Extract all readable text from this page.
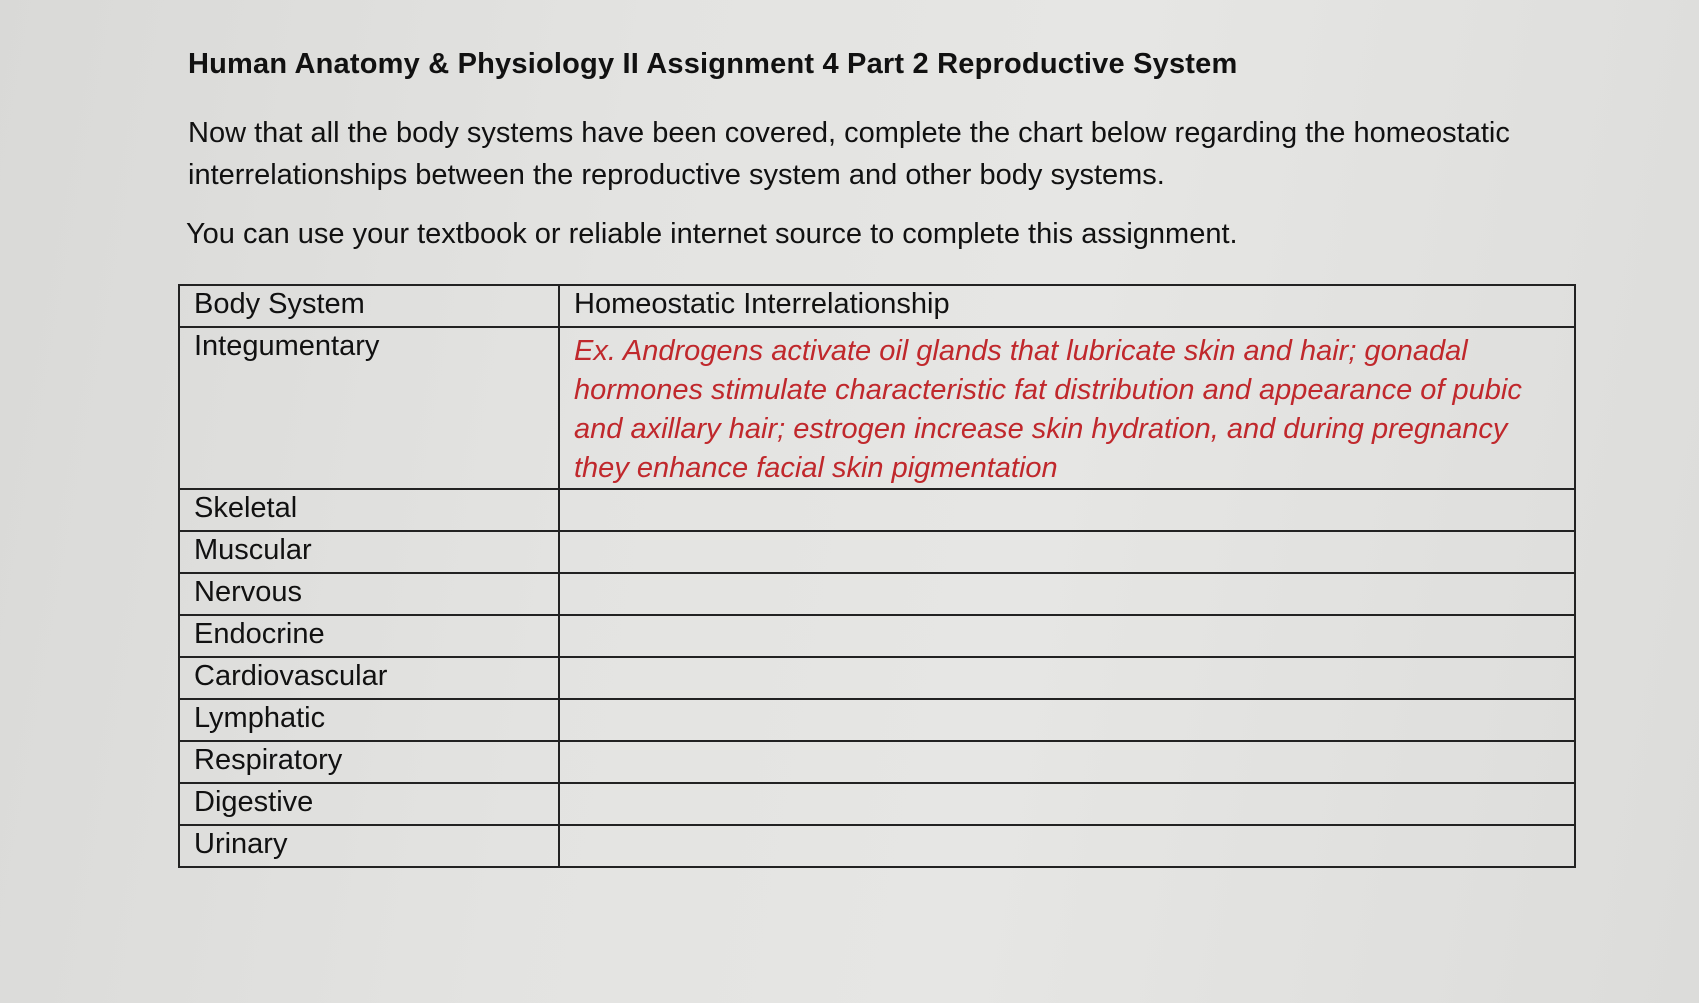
Human Anatomy & Physiology II Assignment 4 Part 2 Reproductive System

Now that all the body systems have been covered, complete the chart below regarding the homeostatic interrelationships between the reproductive system and other body systems.

You can use your textbook or reliable internet source to complete this assignment.

Body System	Homeostatic Interrelationship
Integumentary	Ex. Androgens activate oil glands that lubricate skin and hair; gonadal hormones stimulate characteristic fat distribution and appearance of pubic and axillary hair; estrogen increase skin hydration, and during pregnancy they enhance facial skin pigmentation
Skeletal	
Muscular	
Nervous	
Endocrine	
Cardiovascular	
Lymphatic	
Respiratory	
Digestive	
Urinary	
